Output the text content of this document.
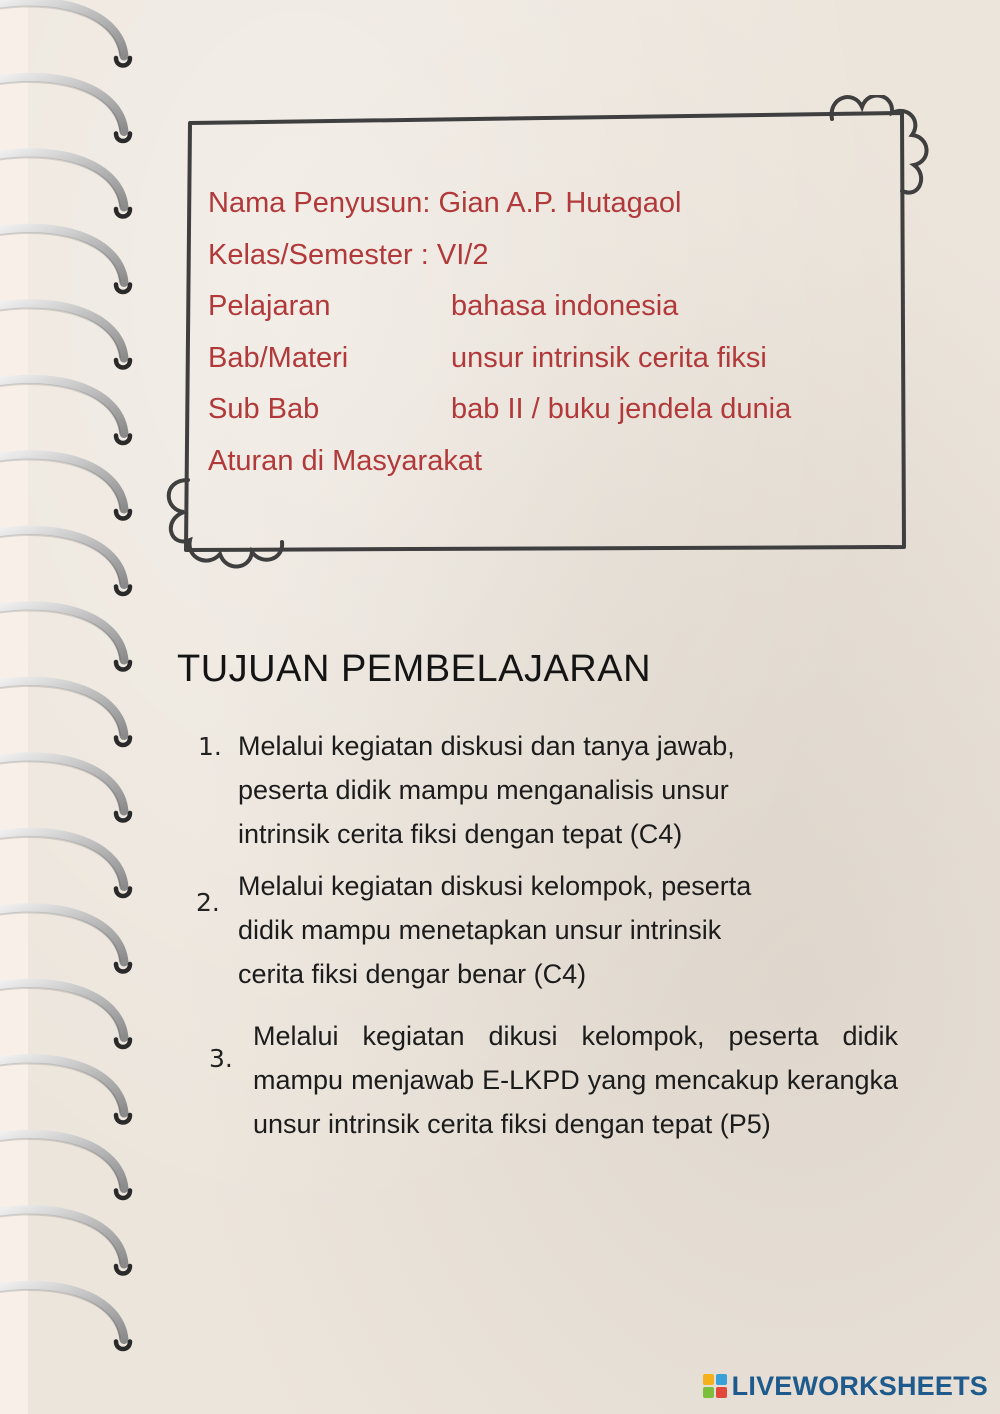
Nama Penyusun: Gian A.P. Hutagaol
Kelas/Semester : VI/2
Pelajaran	bahasa indonesia
Bab/Materi	unsur intrinsik cerita fiksi
Sub Bab	bab II / buku jendela dunia
Aturan di Masyarakat
TUJUAN PEMBELAJARAN
1. Melalui kegiatan diskusi dan tanya jawab,
peserta didik mampu menganalisis unsur
intrinsik cerita fiksi dengan tepat (C4)
2.
Melalui kegiatan diskusi kelompok, peserta
didik mampu menetapkan unsur intrinsik
cerita fiksi dengar benar (C4)
3.
Melalui kegiatan dikusi kelompok, peserta didik mampu menjawab E-LKPD yang mencakup kerangka unsur intrinsik cerita fiksi dengan tepat (P5)
LIVEWORKSHEETS
